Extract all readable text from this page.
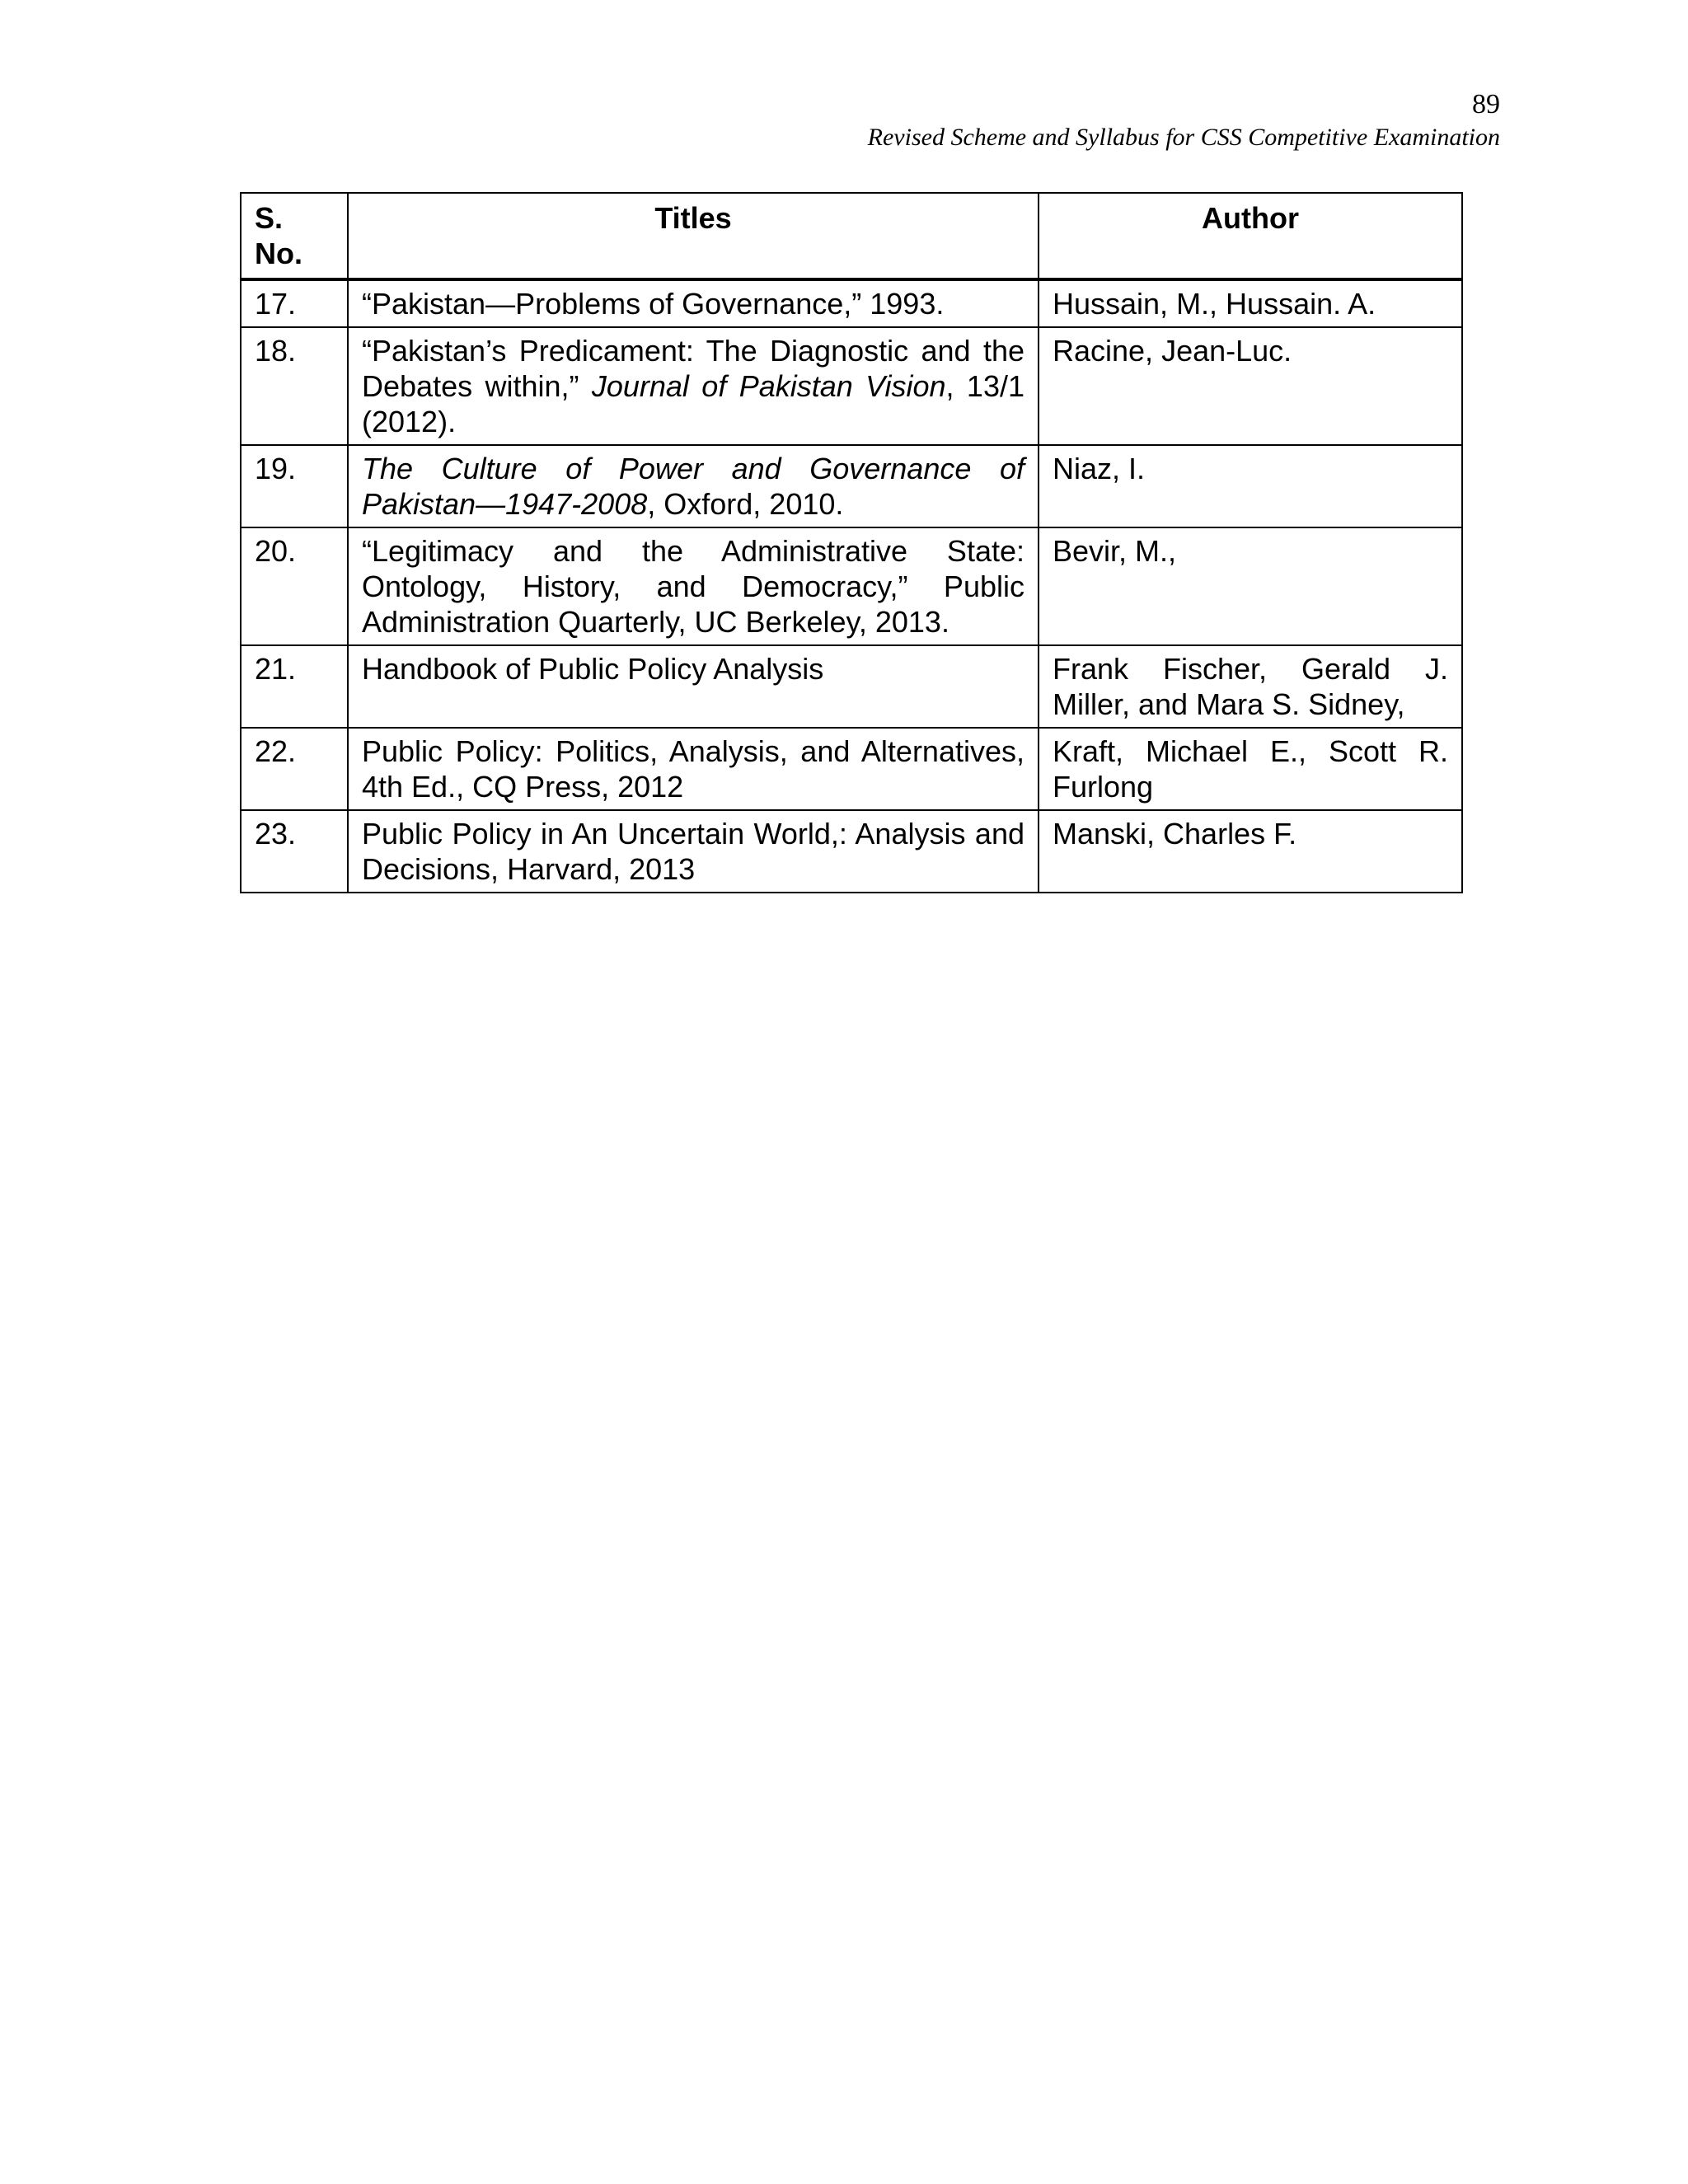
89
Revised Scheme and Syllabus for CSS Competitive Examination
S. No.	Titles	Author
17.	“Pakistan—Problems of Governance,” 1993.	Hussain, M., Hussain. A.
18.	“Pakistan’s Predicament: The Diagnostic and the Debates within,” Journal of Pakistan Vision, 13/1 (2012).	Racine, Jean-Luc.
19.	The Culture of Power and Governance of Pakistan—1947-2008, Oxford, 2010.	Niaz, I.
20.	“Legitimacy and the Administrative State: Ontology, History, and Democracy,” Public Administration Quarterly, UC Berkeley, 2013.	Bevir, M.,
21.	Handbook of Public Policy Analysis	Frank Fischer, Gerald J. Miller, and Mara S. Sidney,
22.	Public Policy: Politics, Analysis, and Alternatives, 4th Ed., CQ Press, 2012	Kraft, Michael E., Scott R. Furlong
23.	Public Policy in An Uncertain World,: Analysis and Decisions, Harvard, 2013	Manski, Charles F.
